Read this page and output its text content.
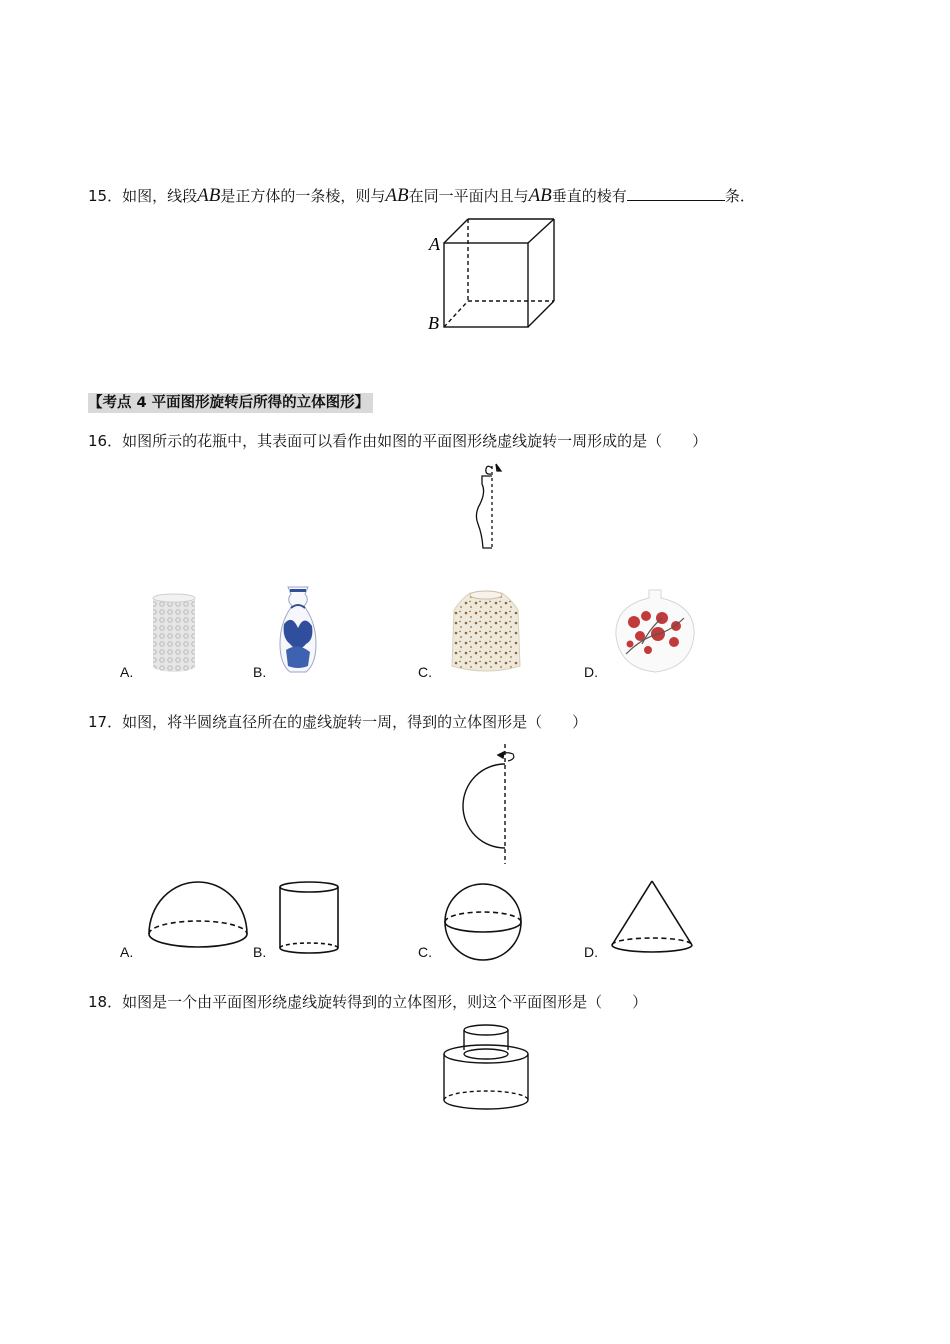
15．如图，线段AB是正方体的一条棱，则与AB在同一平面内且与AB垂直的棱有	条．
A
B
【考点 4 平面图形旋转后所得的立体图形】
16．如图所示的花瓶中，其表面可以看作由如图的平面图形绕虚线旋转一周形成的是（　　）
A.	B.	C.	D.
17．如图，将半圆绕直径所在的虚线旋转一周，得到的立体图形是（　　）
A.	B.	C.	D.
18．如图是一个由平面图形绕虚线旋转得到的立体图形，则这个平面图形是（　　）
